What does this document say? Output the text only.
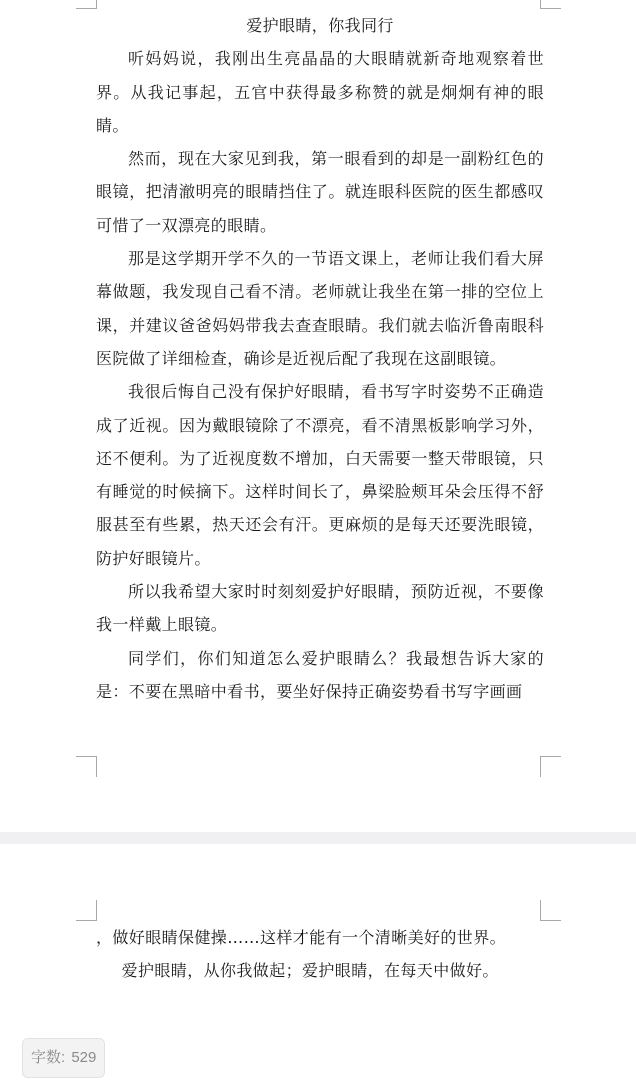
爱护眼睛，你我同行

听妈妈说，我刚出生亮晶晶的大眼睛就新奇地观察着世界。从我记事起，五官中获得最多称赞的就是炯炯有神的眼睛。

然而，现在大家见到我，第一眼看到的却是一副粉红色的眼镜，把清澈明亮的眼睛挡住了。就连眼科医院的医生都感叹可惜了一双漂亮的眼睛。

那是这学期开学不久的一节语文课上，老师让我们看大屏幕做题，我发现自己看不清。老师就让我坐在第一排的空位上课，并建议爸爸妈妈带我去查查眼睛。我们就去临沂鲁南眼科医院做了详细检查，确诊是近视后配了我现在这副眼镜。

我很后悔自己没有保护好眼睛，看书写字时姿势不正确造成了近视。因为戴眼镜除了不漂亮，看不清黑板影响学习外，还不便利。为了近视度数不增加，白天需要一整天带眼镜，只有睡觉的时候摘下。这样时间长了，鼻梁脸颊耳朵会压得不舒服甚至有些累，热天还会有汗。更麻烦的是每天还要洗眼镜，防护好眼镜片。

所以我希望大家时时刻刻爱护好眼睛，预防近视，不要像我一样戴上眼镜。

同学们，你们知道怎么爱护眼睛么？我最想告诉大家的是：不要在黑暗中看书，要坐好保持正确姿势看书写字画画

，做好眼睛保健操……这样才能有一个清晰美好的世界。

爱护眼睛，从你我做起；爱护眼睛，在每天中做好。

字数: 529
